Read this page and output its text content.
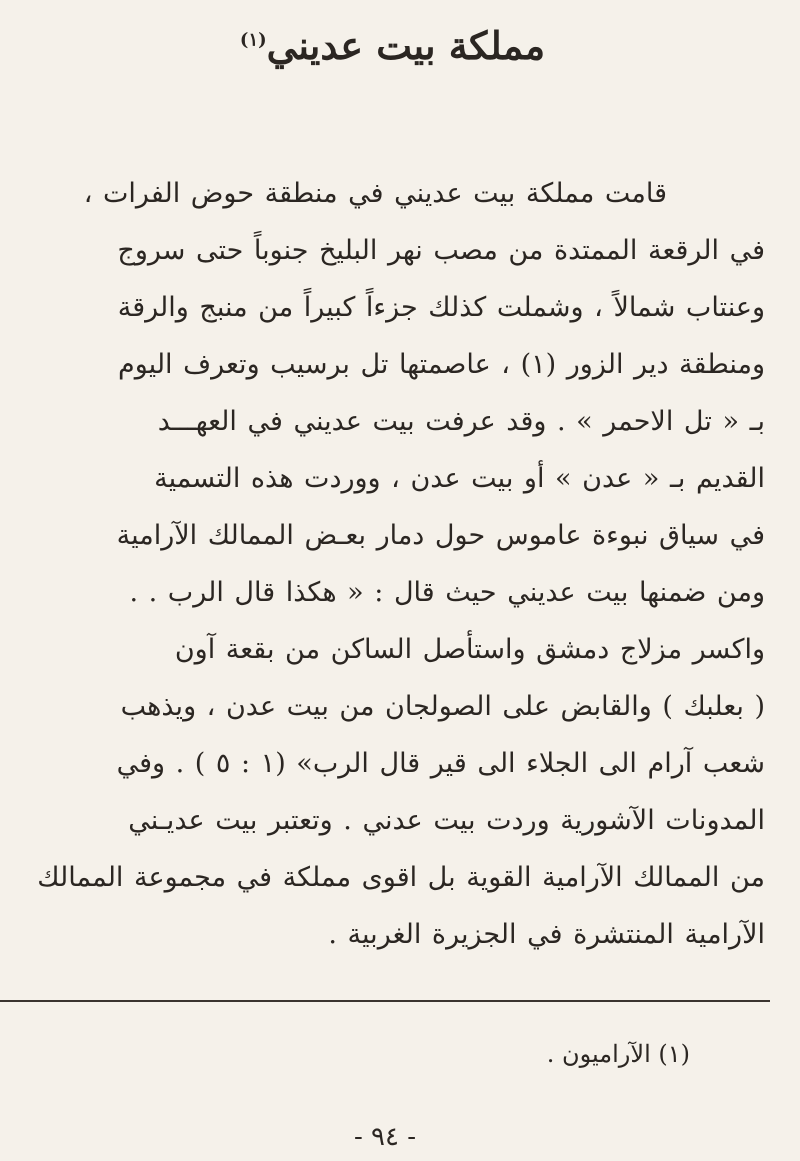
مملكة بيت عديني$^{(١)}$
قامت مملكة بيت عديني في منطقة حوض الفرات ،
في الرقعة الممتدة من مصب نهر البليخ جنوباً حتى سروج
وعنتاب شمالاً ، وشملت كذلك جزءاً كبيراً من منبج والرقة
ومنطقة دير الزور (١) ، عاصمتها تل برسيب وتعرف اليوم
بـ « تل الاحمر » . وقد عرفت بيت عديني في العهـــد
القديم بـ « عدن » أو بيت عدن ، ووردت هذه التسمية
في سياق نبوءة عاموس حول دمار بعـض الممالك الآرامية
ومن ضمنها بيت عديني حيث قال : « هكذا قال الرب . .
واكسر مزلاج دمشق واستأصل الساكن من بقعة آون
( بعلبك ) والقابض على الصولجان من بيت عدن ، ويذهب
شعب آرام الى الجلاء الى قير قال الرب» (١ : ٥ ) . وفي
المدونات الآشورية وردت بيت عدني . وتعتبر بيت عديـني
من الممالك الآرامية القوية بل اقوى مملكة في مجموعة الممالك
الآرامية المنتشرة في الجزيرة الغربية .
(١) الآراميون .
- ٩٤ -
